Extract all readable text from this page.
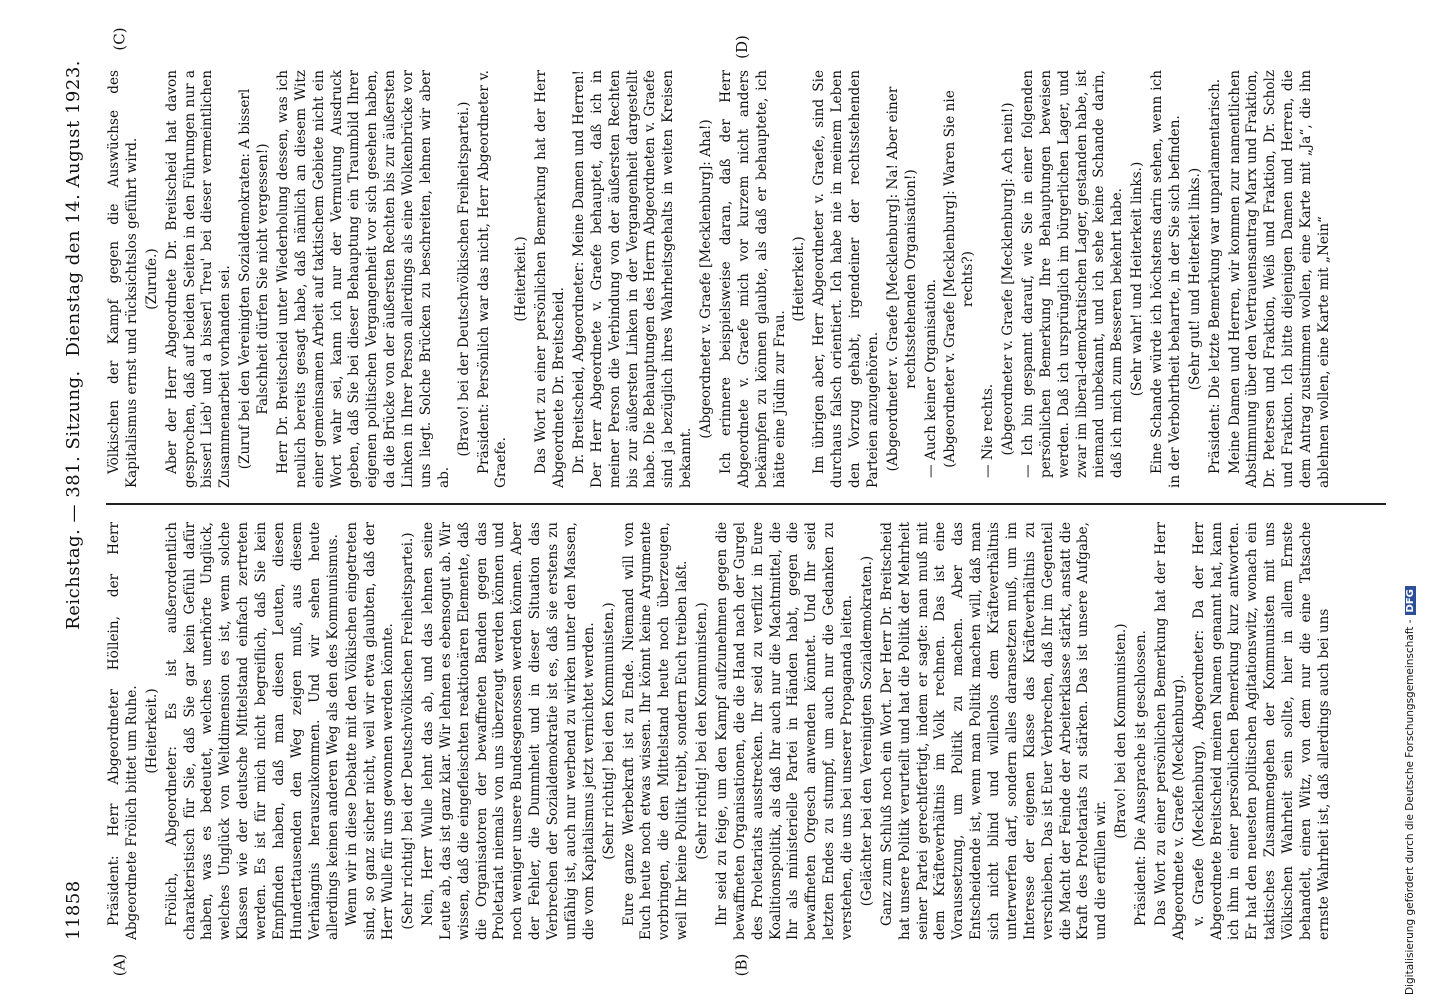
11858
Reichstag. — 381. Sitzung.
Dienstag den 14. August 1923.

Präsident: Herr Abgeordneter Höllein, der Herr Abgeordnete Frölich bittet um Ruhe. (Heiterkeit.) Frölich, Abgeordneter: Es ist außerordentlich charakteristisch für Sie, daß Sie gar kein Gefühl dafür haben, was es bedeutet, welches unerhörte Unglück, welches Unglück von Weltdimension es ist, wenn solche Klassen wie der deutsche Mittelstand einfach zertreten werden. Es ist für mich nicht begreiflich, daß Sie kein Empfinden haben, daß man diesen Leuten, diesen Hunderttausenden den Weg zeigen muß, aus diesem Verhängnis herauszukommen. Und wir sehen heute allerdings keinen anderen Weg als den des Kommunismus. Wenn wir in diese Debatte mit den Völkischen eingetreten sind, so ganz sicher nicht, weil wir etwa glaubten, daß der Herr Wulle für uns gewonnen werden könnte. (Sehr richtig! bei der Deutschvölkischen Freiheitspartei.) Nein, Herr Wulle lehnt das ab, und das lehnen seine Leute ab, das ist ganz klar. Wir lehnen es ebensogut ab. Wir wissen, daß die eingefleischten reaktionären Elemente, daß die Organisatoren der bewaffneten Banden gegen das Proletariat niemals von uns überzeugt werden können und noch weniger unsere Bundesgenossen werden können. Aber der Fehler, die Dummheit und in dieser Situation das Verbrechen der Sozialdemokratie ist es, daß sie erstens zu unfähig ist, auch nur werbend zu wirken unter den Massen, die vom Kapitalismus jetzt vernichtet werden. (Sehr richtig! bei den Kommunisten.) Eure ganze Werbekraft ist zu Ende. Niemand will von Euch heute noch etwas wissen. Ihr könnt keine Argumente vorbringen, die den Mittelstand heute noch überzeugen, weil Ihr keine Politik treibt, sondern Euch treiben laßt. (Sehr richtig! bei den Kommunisten.) Ihr seid zu feige, um den Kampf aufzunehmen gegen die bewaffneten Organisationen, die die Hand nach der Gurgel des Proletariats ausstrecken. Ihr seid zu verfilzt in Eure Koalitionspolitik, als daß Ihr auch nur die Machtmittel, die Ihr als ministerielle Partei in Händen habt, gegen die bewaffneten Orgesch anwenden könntet. Und Ihr seid letzten Endes zu stumpf, um auch nur die Gedanken zu verstehen, die uns bei unserer Propaganda leiten. (Gelächter bei den Vereinigten Sozialdemokraten.) Ganz zum Schluß noch ein Wort. Der Herr Dr. Breitscheid hat unsere Politik verurteilt und hat die Politik der Mehrheit seiner Partei gerechtfertigt, indem er sagte: man muß mit dem Kräfteverhältnis im Volk rechnen. Das ist eine Voraussetzung, um Politik zu machen. Aber das Entscheidende ist, wenn man Politik machen will, daß man sich nicht blind und willenlos dem Kräfteverhältnis unterwerfen darf, sondern alles daransetzen muß, um im Interesse der eigenen Klasse das Kräfteverhältnis zu verschieben. Das ist Euer Verbrechen, daß Ihr im Gegenteil die Macht der Feinde der Arbeiterklasse stärkt, anstatt die Kraft des Proletariats zu stärken. Das ist unsere Aufgabe, und die erfüllen wir.

(Bravo! bei den Kommunisten.) Präsident: Die Aussprache ist geschlossen. Das Wort zu einer persönlichen Bemerkung hat der Herr Abgeordnete v. Graefe (Mecklenburg). v. Graefe (Mecklenburg), Abgeordneter: Da der Herr Abgeordnete Breitscheid meinen Namen genannt hat, kann ich ihm in einer persönlichen Bemerkung kurz antworten. Er hat den neuesten politischen Agitationswitz, wonach ein taktisches Zusammengehen der Kommunisten mit uns Völkischen Wahrheit sein sollte, hier in allem Ernste behandelt, einen Witz, von dem nur die eine Tatsache ernste Wahrheit ist, daß allerdings auch bei uns

Völkischen der Kampf gegen die Auswüchse des Kapitalismus ernst und rücksichtslos geführt wird. (Zurufe.) Aber der Herr Abgeordnete Dr. Breitscheid hat davon gesprochen, daß auf beiden Seiten in den Führungen nur a bisserl Lieb' und a bisserl Treu' bei dieser vermeintlichen Zusammenarbeit vorhanden sei. (Zuruf bei den Vereinigten Sozialdemokraten: A bisserl Falschheit dürfen Sie nicht vergessen!) Herr Dr. Breitscheid unter Wiederholung dessen, was ich neulich bereits gesagt habe, daß nämlich an diesem Witz einer gemeinsamen Arbeit auf taktischem Gebiete nicht ein Wort wahr sei, kann ich nur der Vermutung Ausdruck geben, daß Sie bei dieser Behauptung ein Traumbild Ihrer eigenen politischen Vergangenheit vor sich gesehen haben, da die Brücke von der äußersten Rechten bis zur äußersten Linken in Ihrer Person allerdings als eine Wolkenbrücke vor uns liegt. Solche Brücken zu beschreiten, lehnen wir aber ab.

(Bravo! bei der Deutschvölkischen Freiheitspartei.) Präsident: Persönlich war das nicht, Herr Abgeordneter v. Graefe.

(Heiterkeit.) Das Wort zu einer persönlichen Bemerkung hat der Herr Abgeordnete Dr. Breitscheid. Dr. Breitscheid, Abgeordneter: Meine Damen und Herren! Der Herr Abgeordnete v. Graefe behauptet, daß ich in meiner Person die Verbindung von der äußersten Rechten bis zur äußersten Linken in der Vergangenheit dargestellt habe. Die Behauptungen des Herrn Abgeordneten v. Graefe sind ja bezüglich ihres Wahrheitsgehalts in weiten Kreisen bekannt.

(Abgeordneter v. Graefe [Mecklenburg]: Aha!) Ich erinnere beispielsweise daran, daß der Herr Abgeordnete v. Graefe mich vor kurzem nicht anders bekämpfen zu können glaubte, als daß er behauptete, ich hätte eine Jüdin zur Frau.

(Heiterkeit.) Im übrigen aber, Herr Abgeordneter v. Graefe, sind Sie durchaus falsch orientiert. Ich habe nie in meinem Leben den Vorzug gehabt, irgendeiner der rechtsstehenden Parteien anzugehören. (Abgeordneter v. Graefe [Mecklenburg]: Na! Aber einer rechtsstehenden Organisation!) — Auch keiner Organisation. (Abgeordneter v. Graefe [Mecklenburg]: Waren Sie nie rechts?)

— Nie rechts. (Abgeordneter v. Graefe [Mecklenburg]: Ach nein!) — Ich bin gespannt darauf, wie Sie in einer folgenden persönlichen Bemerkung Ihre Behauptungen beweisen werden. Daß ich ursprünglich im bürgerlichen Lager, und zwar im liberal-demokratischen Lager, gestanden habe, ist niemand unbekannt, und ich sehe keine Schande darin, daß ich mich zum Besseren bekehrt habe. (Sehr wahr! und Heiterkeit links.) Eine Schande würde ich höchstens darin sehen, wenn ich in der Verbohrtheit beharrte, in der Sie sich befinden. (Sehr gut! und Heiterkeit links.) Präsident: Die letzte Bemerkung war unparlamentarisch. Meine Damen und Herren, wir kommen zur namentlichen Abstimmung über den Vertrauensantrag Marx und Fraktion, Dr. Petersen und Fraktion, Weiß und Fraktion, Dr. Scholz und Fraktion. Ich bitte diejenigen Damen und Herren, die dem Antrag zustimmen wollen, eine Karte mit „Ja“, die ihn ablehnen wollen, eine Karte mit „Nein“

(A)	(B)
(C)	(D)
Digitalisierung gefördert durch die Deutsche Forschungsgemeinschaft -DFG
